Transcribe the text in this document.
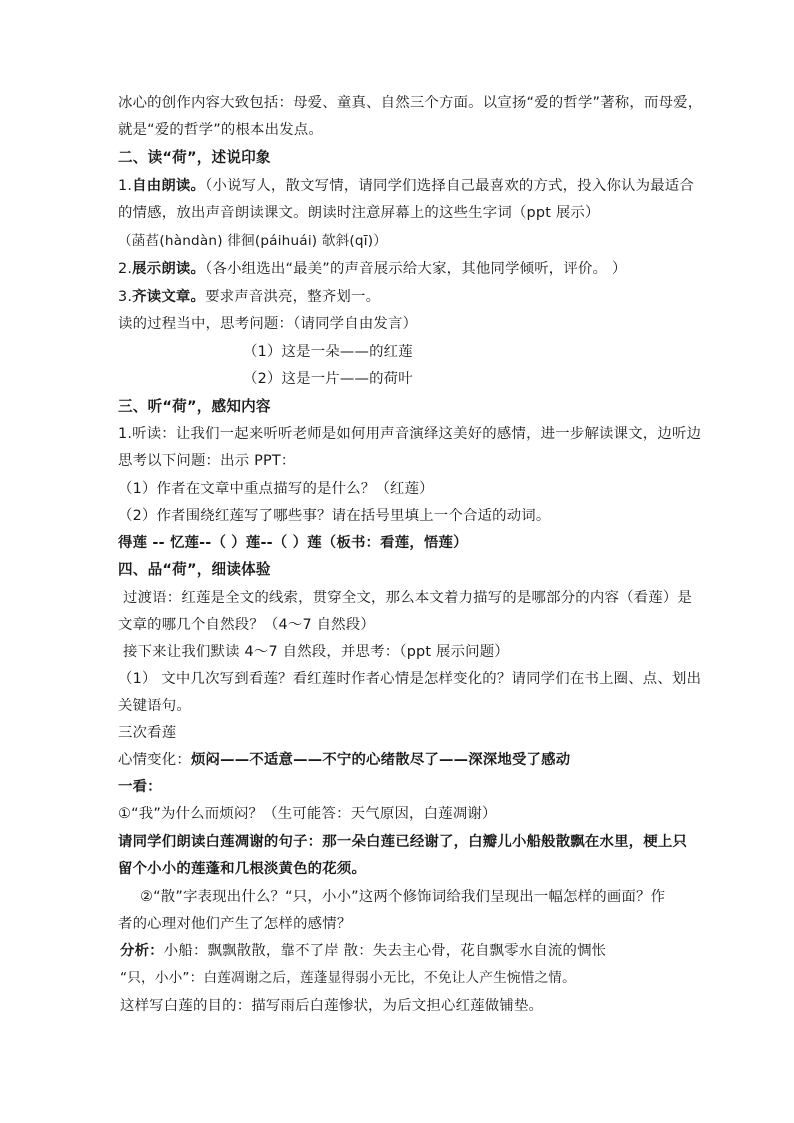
冰心的创作内容大致包括：母爱、童真、自然三个方面。以宣扬“爱的哲学”著称，而母爱，
就是“爱的哲学”的根本出发点。
二、读“荷”，述说印象
1.自由朗读。（小说写人，散文写情，请同学们选择自己最喜欢的方式，投入你认为最适合
的情感，放出声音朗读课文。朗读时注意屏幕上的这些生字词（ppt 展示）
（菡萏(hàndàn) 徘徊(páihuái) 欹斜(qī)）
2.展示朗读。（各小组选出“最美”的声音展示给大家，其他同学倾听，评价。 ）
3.齐读文章。要求声音洪亮，整齐划一。
读的过程当中，思考问题：（请同学自由发言）
（1）这是一朵——的红莲
（2）这是一片——的荷叶
三、听“荷”，感知内容
1.听读：让我们一起来听听老师是如何用声音演绎这美好的感情，进一步解读课文，边听边
思考以下问题：出示 PPT：
（1）作者在文章中重点描写的是什么？（红莲）
（2）作者围绕红莲写了哪些事？请在括号里填上一个合适的动词。
得莲 -- 忆莲--（ ）莲--（ ）莲（板书：看莲，悟莲）
四、品“荷”，细读体验
过渡语：红莲是全文的线索，贯穿全文，那么本文着力描写的是哪部分的内容（看莲）是
文章的哪几个自然段？（4～7 自然段）
接下来让我们默读 4～7 自然段，并思考：（ppt 展示问题）
（1） 文中几次写到看莲？看红莲时作者心情是怎样变化的？请同学们在书上圈、点、划出
关键语句。
三次看莲
心情变化：烦闷——不适意——不宁的心绪散尽了——深深地受了感动
一看：
①“我”为什么而烦闷？（生可能答：天气原因，白莲凋谢）
请同学们朗读白莲凋谢的句子：那一朵白莲已经谢了，白瓣儿小船般散飘在水里，梗上只
留个小小的莲蓬和几根淡黄色的花须。
②“散”字表现出什么？“只，小小”这两个修饰词给我们呈现出一幅怎样的画面？作
者的心理对他们产生了怎样的感情？
分析：小船：飘飘散散，靠不了岸 散：失去主心骨，花自飘零水自流的惆怅
“只，小小”：白莲凋谢之后，莲蓬显得弱小无比，不免让人产生惋惜之情。
这样写白莲的目的：描写雨后白莲惨状，为后文担心红莲做铺垫。
